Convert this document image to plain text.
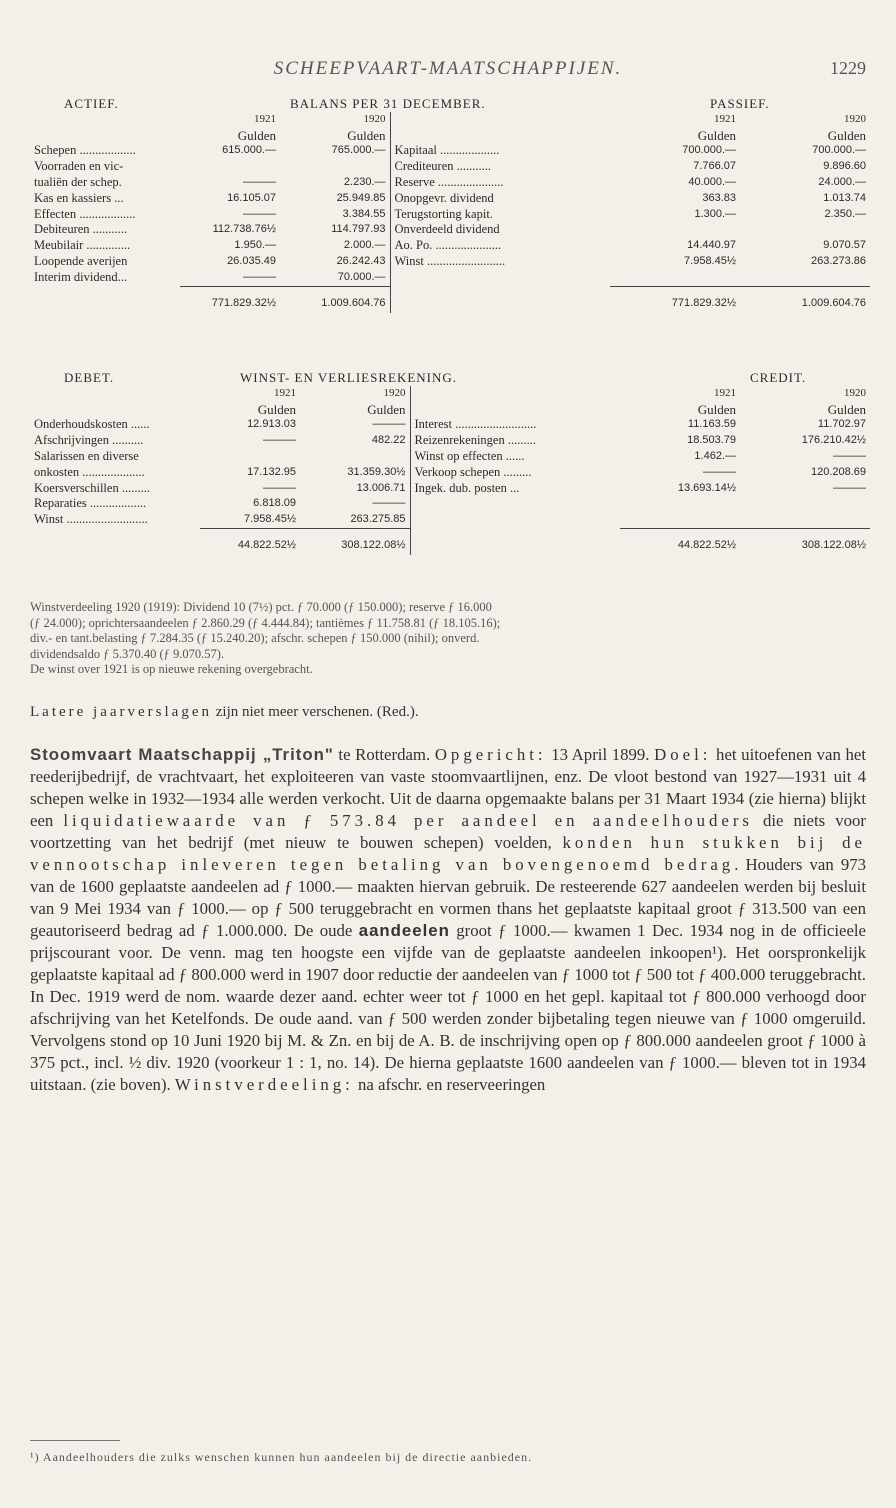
SCHEEPVAART-MAATSCHAPPIJEN.	1229
ACTIEF.	BALANS PER 31 DECEMBER.			PASSIEF.	
	1921	1920		1921	1920
	Gulden	Gulden		Gulden	Gulden
Schepen ..................	615.000.—	765.000.—	Kapitaal ...................	700.000.—	700.000.—
Voorraden en vic-			Crediteuren ...........	7.766.07	9.896.60
tualiën der schep.	———	2.230.—	Reserve .....................	40.000.—	24.000.—
Kas en kassiers ...	16.105.07	25.949.85	Onopgevr. dividend	363.83	1.013.74
Effecten ..................	———	3.384.55	Terugstorting kapit.	1.300.—	2.350.—
Debiteuren ...........	112.738.76½	114.797.93	Onverdeeld dividend		
Meubilair ..............	1.950.—	2.000.—	Ao. Po. .....................	14.440.97	9.070.57
Loopende averijen	26.035.49	26.242.43	Winst .........................	7.958.45½	263.273.86
Interim dividend...	———	70.000.—			
	771.829.32½	1.009.604.76		771.829.32½	1.009.604.76
DEBET.	WINST- EN VERLIESREKENING.			CREDIT.	
	1921	1920		1921	1920
	Gulden	Gulden		Gulden	Gulden
Onderhoudskosten ......	12.913.03	———	Interest ..........................	11.163.59	11.702.97
Afschrijvingen ..........	———	482.22	Reizenrekeningen .........	18.503.79	176.210.42½
Salarissen en diverse			Winst op effecten ......	1.462.—	———
onkosten ....................	17.132.95	31.359.30½	Verkoop schepen .........	———	120.208.69
Koersverschillen .........	———	13.006.71	Ingek. dub. posten ...	13.693.14½	———
Reparaties ..................	6.818.09	———			
Winst ..........................	7.958.45½	263.275.85			
	44.822.52½	308.122.08½		44.822.52½	308.122.08½

Winstverdeeling 1920 (1919): Dividend 10 (7½) pct. ƒ 70.000 (ƒ 150.000); reserve ƒ 16.000

(ƒ 24.000); oprichtersaandeelen ƒ 2.860.29 (ƒ 4.444.84); tantièmes ƒ 11.758.81 (ƒ 18.105.16);

div.- en tant.belasting ƒ 7.284.35 (ƒ 15.240.20); afschr. schepen ƒ 150.000 (nihil); onverd.

dividendsaldo ƒ 5.370.40 (ƒ 9.070.57).

De winst over 1921 is op nieuwe rekening overgebracht.

Latere jaarverslagen zijn niet meer verschenen. (Red.).

Stoomvaart Maatschappij „Triton" te Rotterdam. Opgericht: 13 April 1899. Doel: het uitoefenen van het reederijbedrijf, de vrachtvaart, het exploiteeren van vaste stoomvaartlijnen, enz. De vloot bestond van 1927—1931 uit 4 schepen welke in 1932—1934 alle werden verkocht. Uit de daarna opgemaakte balans per 31 Maart 1934 (zie hierna) blijkt een liquidatiewaarde van ƒ 573.84 per aandeel en aandeelhouders die niets voor voortzetting van het bedrijf (met nieuw te bouwen schepen) voelden, konden hun stukken bij de vennootschap inleveren tegen betaling van bovengenoemd bedrag. Houders van 973 van de 1600 geplaatste aandeelen ad ƒ 1000.— maakten hiervan gebruik. De resteerende 627 aandeelen werden bij besluit van 9 Mei 1934 van ƒ 1000.— op ƒ 500 teruggebracht en vormen thans het geplaatste kapitaal groot ƒ 313.500 van een geautoriseerd bedrag ad ƒ 1.000.000. De oude aandeelen groot ƒ 1000.— kwamen 1 Dec. 1934 nog in de officieele prijscourant voor. De venn. mag ten hoogste een vijfde van de geplaatste aandeelen inkoopen¹). Het oorspronkelijk geplaatste kapitaal ad ƒ 800.000 werd in 1907 door reductie der aandeelen van ƒ 1000 tot ƒ 500 tot ƒ 400.000 teruggebracht. In Dec. 1919 werd de nom. waarde dezer aand. echter weer tot ƒ 1000 en het gepl. kapitaal tot ƒ 800.000 verhoogd door afschrijving van het Ketelfonds. De oude aand. van ƒ 500 werden zonder bijbetaling tegen nieuwe van ƒ 1000 omgeruild. Vervolgens stond op 10 Juni 1920 bij M. & Zn. en bij de A. B. de inschrijving open op ƒ 800.000 aandeelen groot ƒ 1000 à 375 pct., incl. ½ div. 1920 (voorkeur 1 : 1, no. 14). De hierna geplaatste 1600 aandeelen van ƒ 1000.— bleven tot in 1934 uitstaan. (zie boven). Winstverdeeling: na afschr. en reserveeringen

¹) Aandeelhouders die zulks wenschen kunnen hun aandeelen bij de directie aanbieden.
